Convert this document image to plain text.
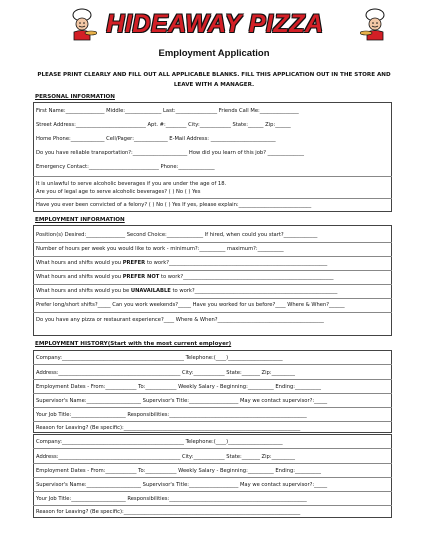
HIDEAWAY PIZZA
Employment Application
PLEASE PRINT CLEARLY AND FILL OUT ALL APPLICABLE BLANKS. FILL THIS APPLICATION OUT IN THE STORE AND
LEAVE WITH A MANAGER.
PERSONAL INFORMATION
First Name:_______________ Middle:______________ Last:________________ Friends Call Me:_______________
Street Address:___________________________ Apt. #:________ City:____________ State:______ Zip:______
Home Phone:_____________ Cell/Pager:_____________ E-Mail Address: _________________________
Do you have reliable transportation?:_____________________ How did you learn of this job? ______________
Emergency Contact:___________________________ Phone:______________
It is unlawful to serve alcoholic beverages if you are under the age of 18.
Are you of legal age to serve alcoholic beverages? ( ) No ( ) Yes
Have you ever been convicted of a felony? ( ) No ( ) Yes If yes, please explain:____________________________
EMPLOYMENT INFORMATION
Position(s) Desired:_______________ Second Choice:______________ If hired, when could you start?_____________
Number of hours per week you would like to work - minimum?:__________ maximum?:__________
What hours and shifts would you PREFER to work?_____________________________________________________________
What hours and shifts would you PREFER NOT to work?__________________________________________________________
What hours and shifts would you be UNAVAILABLE to work?_______________________________________________________
Prefer long/short shifts?_____ Can you work weekends?_____ Have you worked for us before?____ Where & When?______
Do you have any pizza or restaurant experience?____ Where & When?_________________________________________
EMPLOYMENT HISTORY(Start with the most current employer)
Company:_______________________________________________ Telephone:(____)_____________________
Address:_______________________________________________ City:____________ State:_______ Zip:_________
Employment Dates - From:____________ To:____________ Weekly Salary - Beginning:__________ Ending:__________
Supervisor's Name:_____________________ Supervisor's Title:___________________ May we contact supervisor?:_____
Your Job Title:_____________________ Responsibilities:_____________________________________________________
Reason for Leaving? (Be specific):____________________________________________________________________
Company:_______________________________________________ Telephone:(____)_____________________
Address:_______________________________________________ City:____________ State:_______ Zip:_________
Employment Dates - From:____________ To:____________ Weekly Salary - Beginning:__________ Ending:__________
Supervisor's Name:_____________________ Supervisor's Title:___________________ May we contact supervisor?:_____
Your Job Title:_____________________ Responsibilities:_____________________________________________________
Reason for Leaving? (Be specific):____________________________________________________________________
